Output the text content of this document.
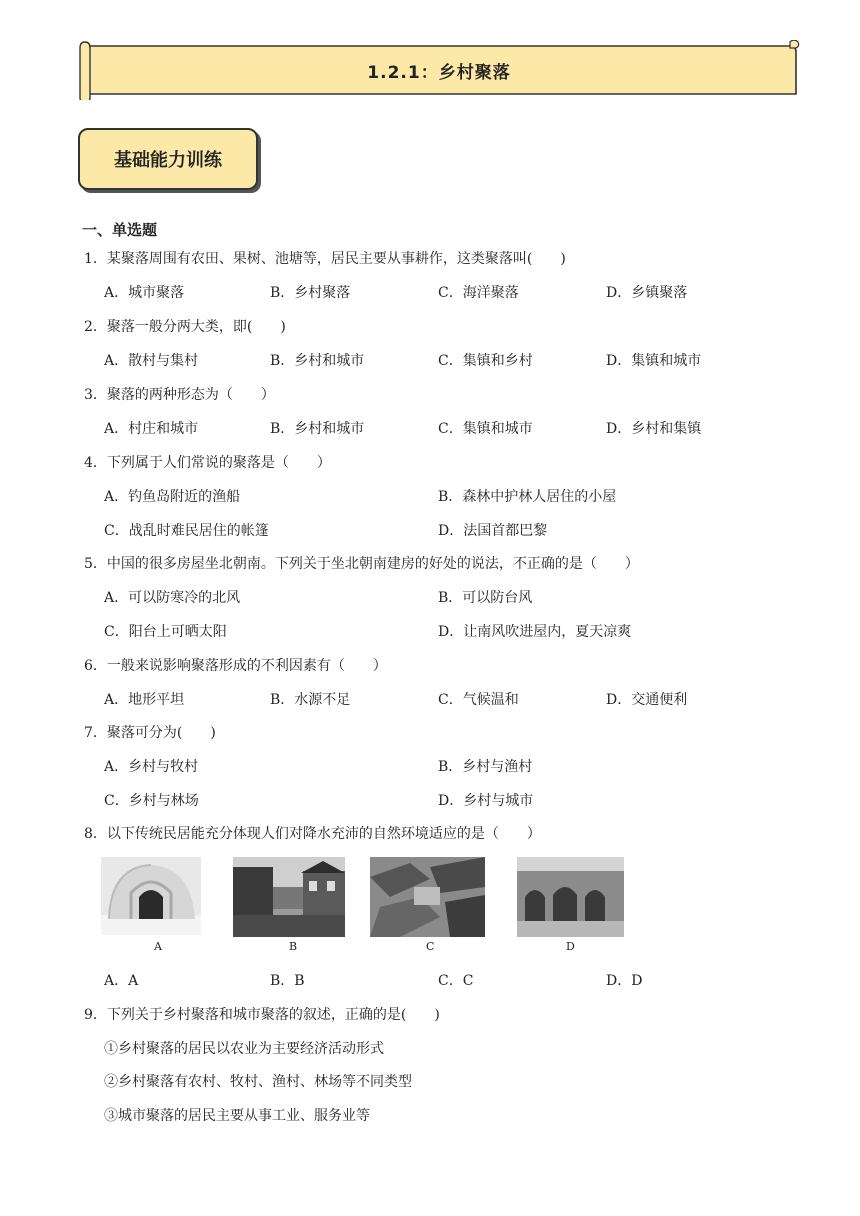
1.2.1：乡村聚落
基础能力训练
一、单选题
1．某聚落周围有农田、果树、池塘等，居民主要从事耕作，这类聚落叫(　　)
A．城市聚落	B．乡村聚落	C．海洋聚落	D．乡镇聚落
2．聚落一般分两大类，即(　　)
A．散村与集村	B．乡村和城市	C．集镇和乡村	D．集镇和城市
3．聚落的两种形态为（　　）
A．村庄和城市	B．乡村和城市	C．集镇和城市	D．乡村和集镇
4．下列属于人们常说的聚落是（　　）
A．钓鱼岛附近的渔船	B．森林中护林人居住的小屋
C．战乱时难民居住的帐篷	D．法国首都巴黎
5．中国的很多房屋坐北朝南。下列关于坐北朝南建房的好处的说法，不正确的是（　　）
A．可以防寒冷的北风	B．可以防台风
C．阳台上可晒太阳	D．让南风吹进屋内，夏天凉爽
6．一般来说影响聚落形成的不利因素有（　　）
A．地形平坦	B．水源不足	C．气候温和	D．交通便利
7．聚落可分为(　　)
A．乡村与牧村	B．乡村与渔村
C．乡村与林场	D．乡村与城市
8．以下传统民居能充分体现人们对降水充沛的自然环境适应的是（　　）
A	B	C	D
A．A	B．B	C．C	D．D
9．下列关于乡村聚落和城市聚落的叙述，正确的是(　　)
①乡村聚落的居民以农业为主要经济活动形式
②乡村聚落有农村、牧村、渔村、林场等不同类型
③城市聚落的居民主要从事工业、服务业等
